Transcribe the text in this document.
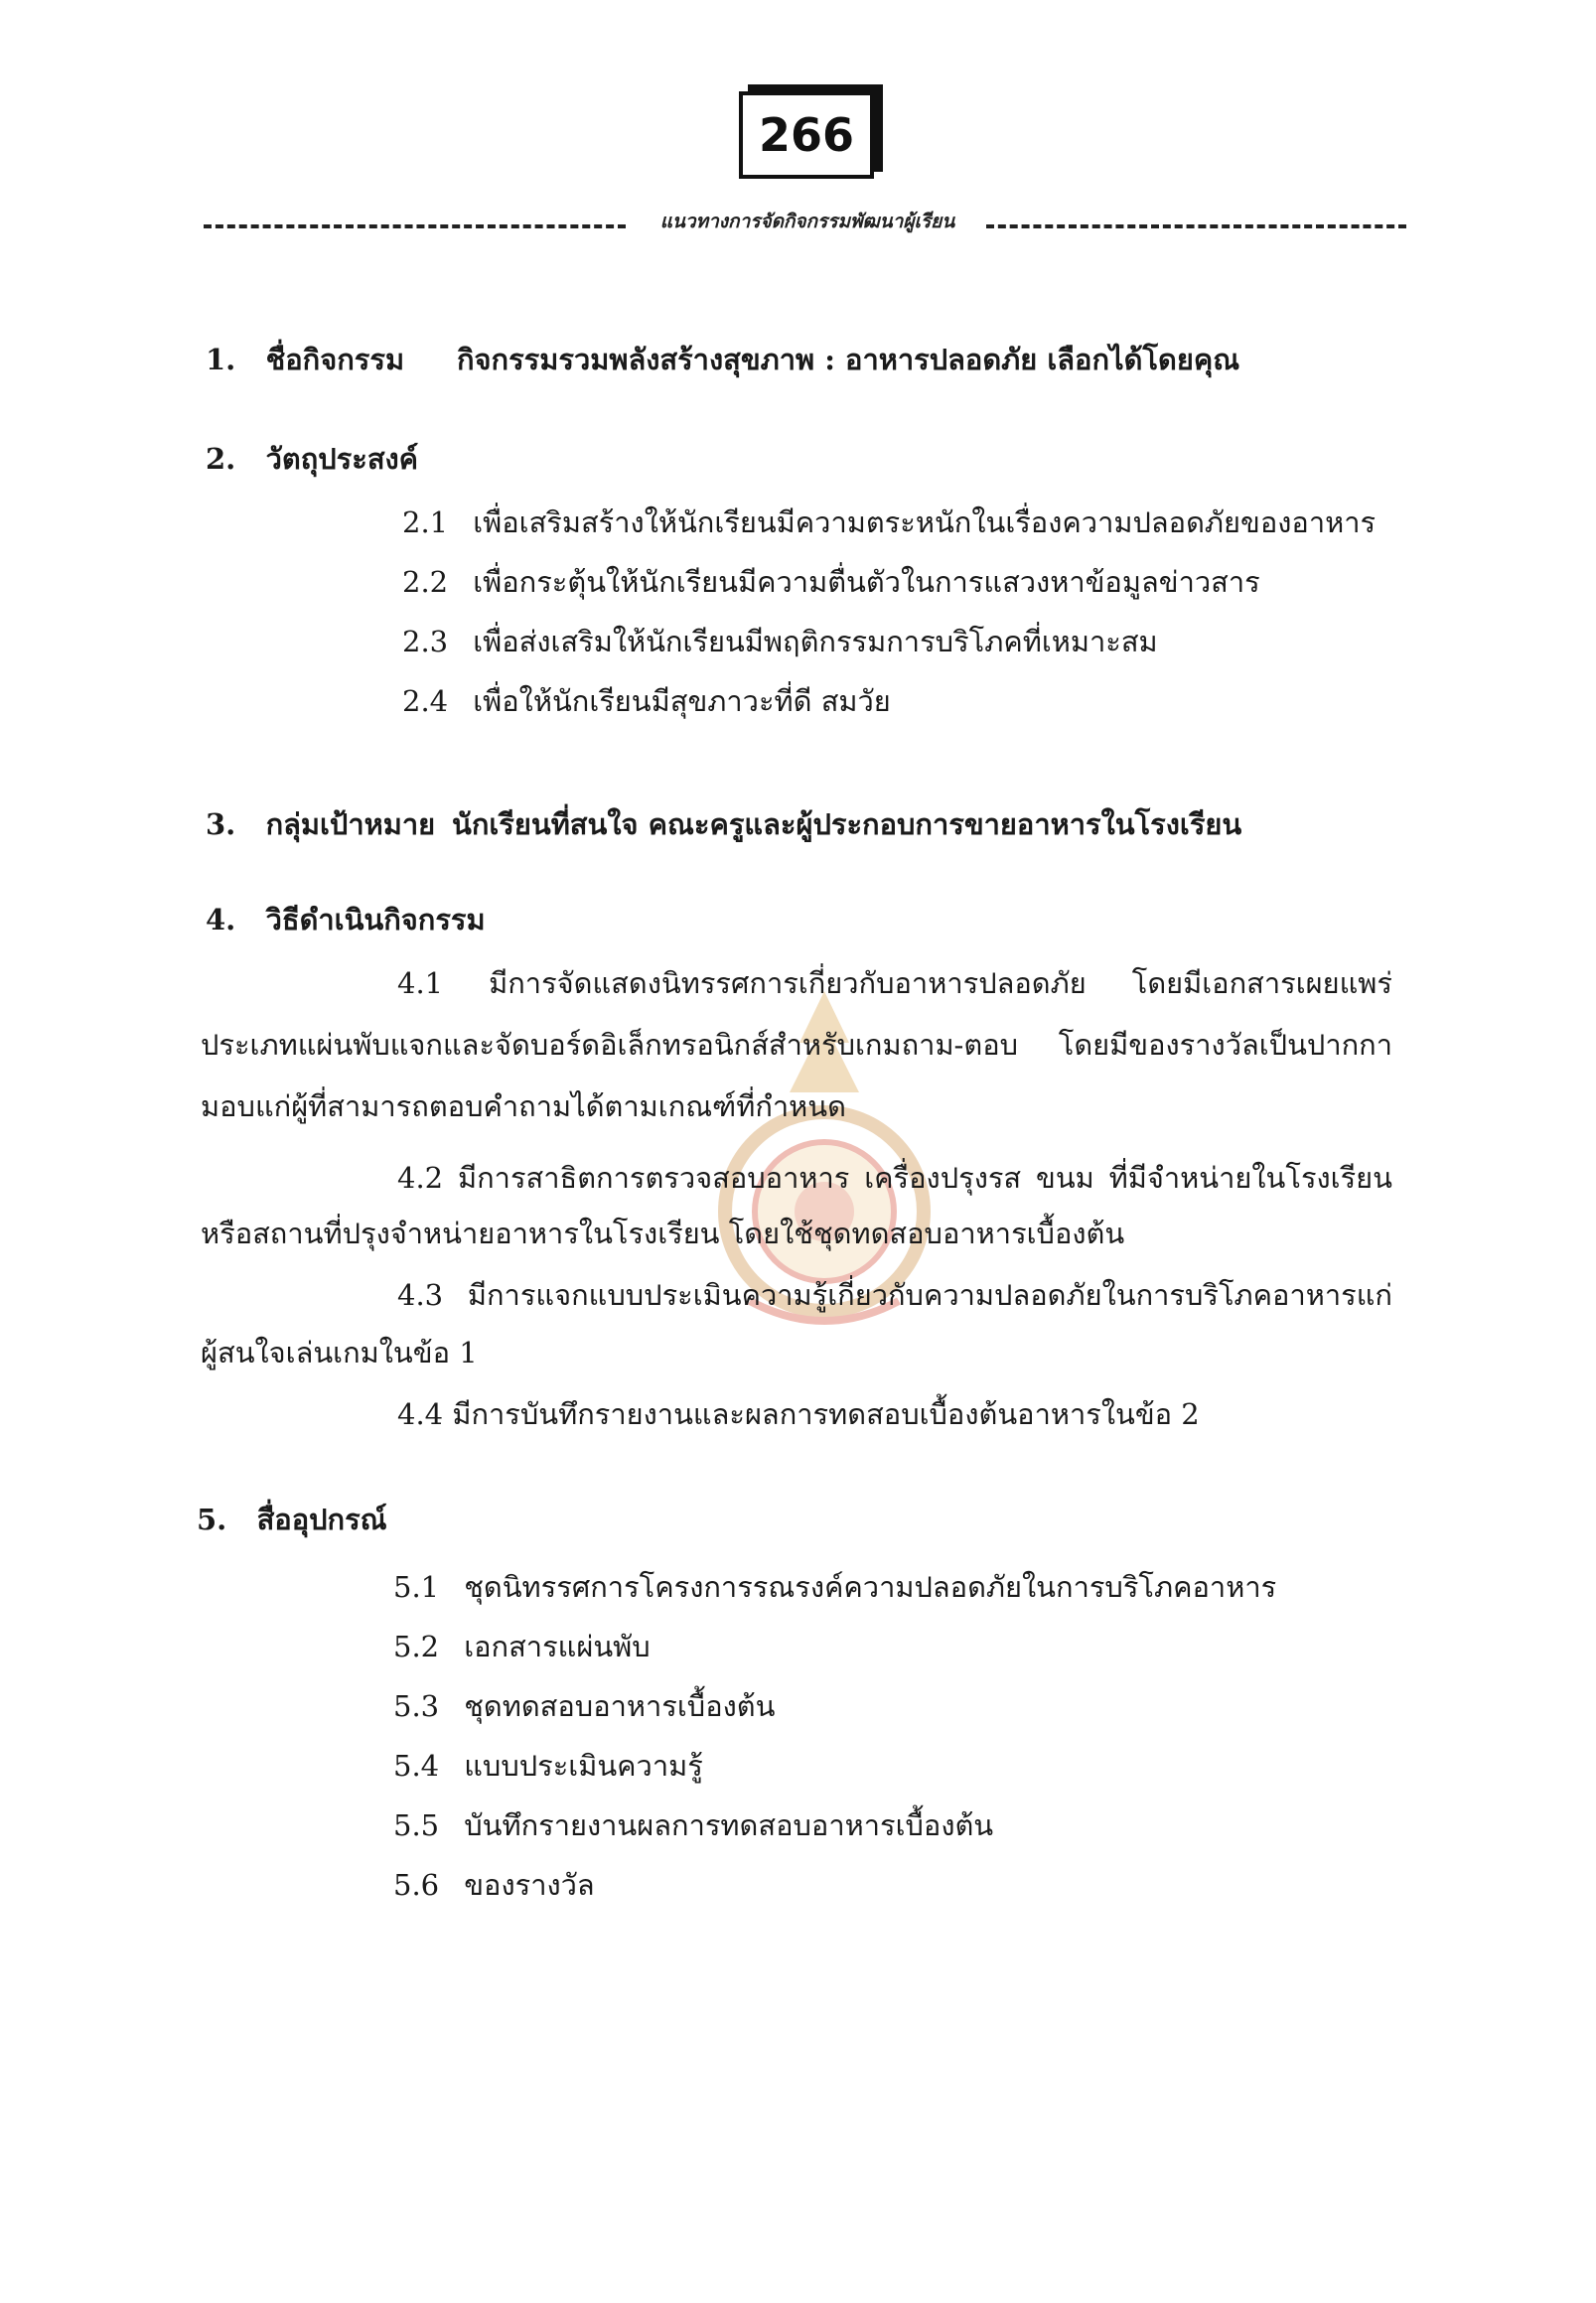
266
แนวทางการจัดกิจกรรมพัฒนาผู้เรียน
1. ชื่อกิจกรรม กิจกรรมรวมพลังสร้างสุขภาพ : อาหารปลอดภัย เลือกได้โดยคุณ
2. วัตถุประสงค์
2.1 เพื่อเสริมสร้างให้นักเรียนมีความตระหนักในเรื่องความปลอดภัยของอาหาร
2.2 เพื่อกระตุ้นให้นักเรียนมีความตื่นตัวในการแสวงหาข้อมูลข่าวสาร
2.3 เพื่อส่งเสริมให้นักเรียนมีพฤติกรรมการบริโภคที่เหมาะสม
2.4 เพื่อให้นักเรียนมีสุขภาวะที่ดี สมวัย
3. กลุ่มเป้าหมาย นักเรียนที่สนใจ คณะครูและผู้ประกอบการขายอาหารในโรงเรียน
4. วิธีดำเนินกิจกรรม
4.1 มีการจัดแสดงนิทรรศการเกี่ยวกับอาหารปลอดภัย โดยมีเอกสารเผยแพร่
ประเภทแผ่นพับแจกและจัดบอร์ดอิเล็กทรอนิกส์สำหรับเกมถาม-ตอบ โดยมีของรางวัลเป็นปากกา
มอบแก่ผู้ที่สามารถตอบคำถามได้ตามเกณฑ์ที่กำหนด
4.2 มีการสาธิตการตรวจสอบอาหาร เครื่องปรุงรส ขนม ที่มีจำหน่ายในโรงเรียน
หรือสถานที่ปรุงจำหน่ายอาหารในโรงเรียน โดยใช้ชุดทดสอบอาหารเบื้องต้น
4.3 มีการแจกแบบประเมินความรู้เกี่ยวกับความปลอดภัยในการบริโภคอาหารแก่
ผู้สนใจเล่นเกมในข้อ 1
4.4 มีการบันทึกรายงานและผลการทดสอบเบื้องต้นอาหารในข้อ 2
5. สื่ออุปกรณ์
5.1 ชุดนิทรรศการโครงการรณรงค์ความปลอดภัยในการบริโภคอาหาร
5.2 เอกสารแผ่นพับ
5.3 ชุดทดสอบอาหารเบื้องต้น
5.4 แบบประเมินความรู้
5.5 บันทึกรายงานผลการทดสอบอาหารเบื้องต้น
5.6 ของรางวัล
